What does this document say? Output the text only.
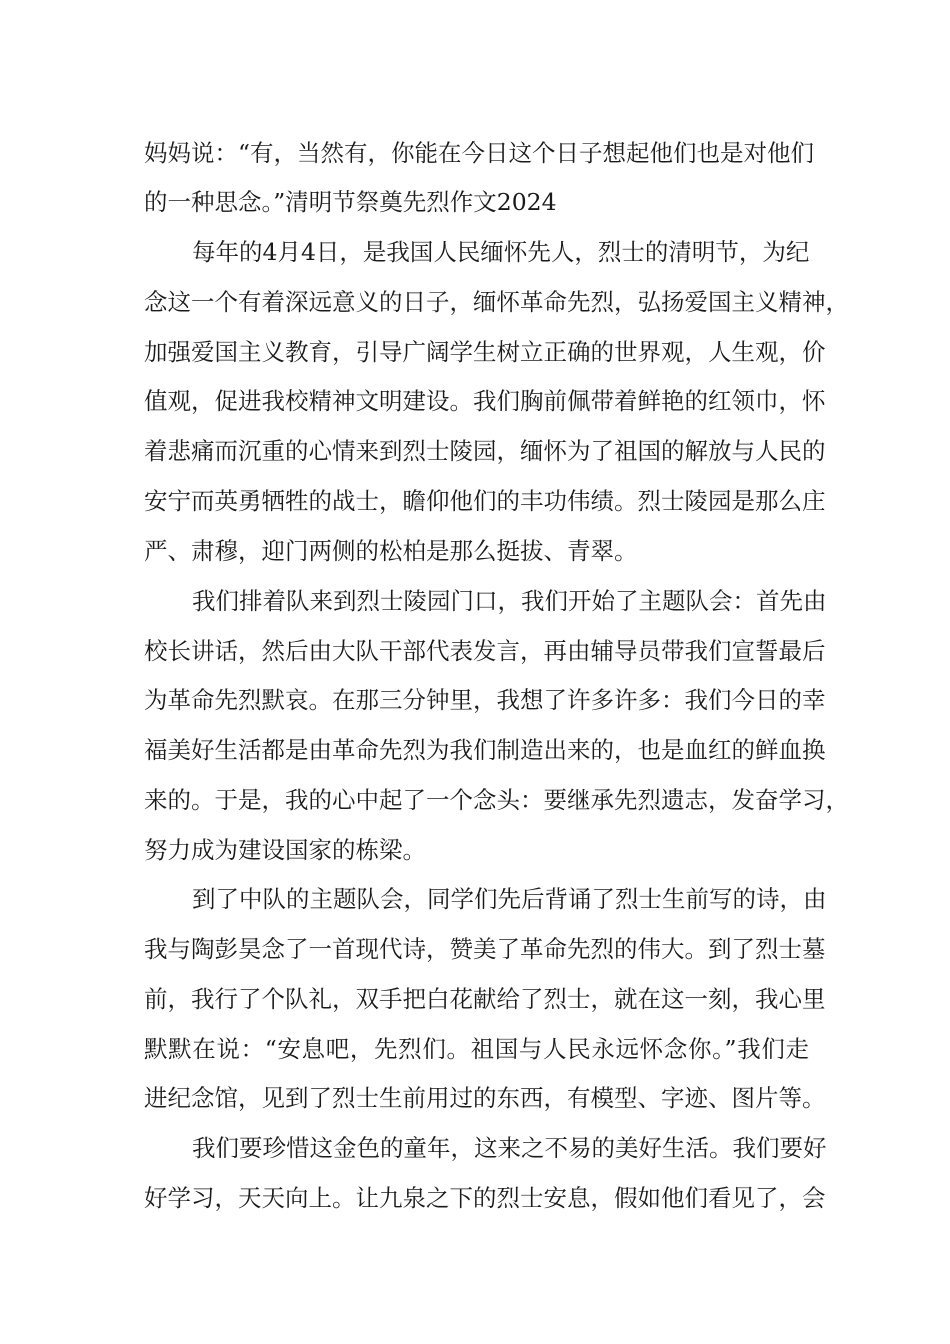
妈妈说：“有，当然有，你能在今日这个日子想起他们也是对他们
的一种思念。”清明节祭奠先烈作文2024
每年的4月4日，是我国人民缅怀先人，烈士的清明节，为纪
念这一个有着深远意义的日子，缅怀革命先烈，弘扬爱国主义精神，
加强爱国主义教育，引导广阔学生树立正确的世界观，人生观，价
值观，促进我校精神文明建设。我们胸前佩带着鲜艳的红领巾，怀
着悲痛而沉重的心情来到烈士陵园，缅怀为了祖国的解放与人民的
安宁而英勇牺牲的战士，瞻仰他们的丰功伟绩。烈士陵园是那么庄
严、肃穆，迎门两侧的松柏是那么挺拔、青翠。
我们排着队来到烈士陵园门口，我们开始了主题队会：首先由
校长讲话，然后由大队干部代表发言，再由辅导员带我们宣誓最后
为革命先烈默哀。在那三分钟里，我想了许多许多：我们今日的幸
福美好生活都是由革命先烈为我们制造出来的，也是血红的鲜血换
来的。于是，我的心中起了一个念头：要继承先烈遗志，发奋学习，
努力成为建设国家的栋梁。
到了中队的主题队会，同学们先后背诵了烈士生前写的诗，由
我与陶彭昊念了一首现代诗，赞美了革命先烈的伟大。到了烈士墓
前，我行了个队礼，双手把白花献给了烈士，就在这一刻，我心里
默默在说：“安息吧，先烈们。祖国与人民永远怀念你。”我们走
进纪念馆，见到了烈士生前用过的东西，有模型、字迹、图片等。
我们要珍惜这金色的童年，这来之不易的美好生活。我们要好
好学习，天天向上。让九泉之下的烈士安息，假如他们看见了，会
